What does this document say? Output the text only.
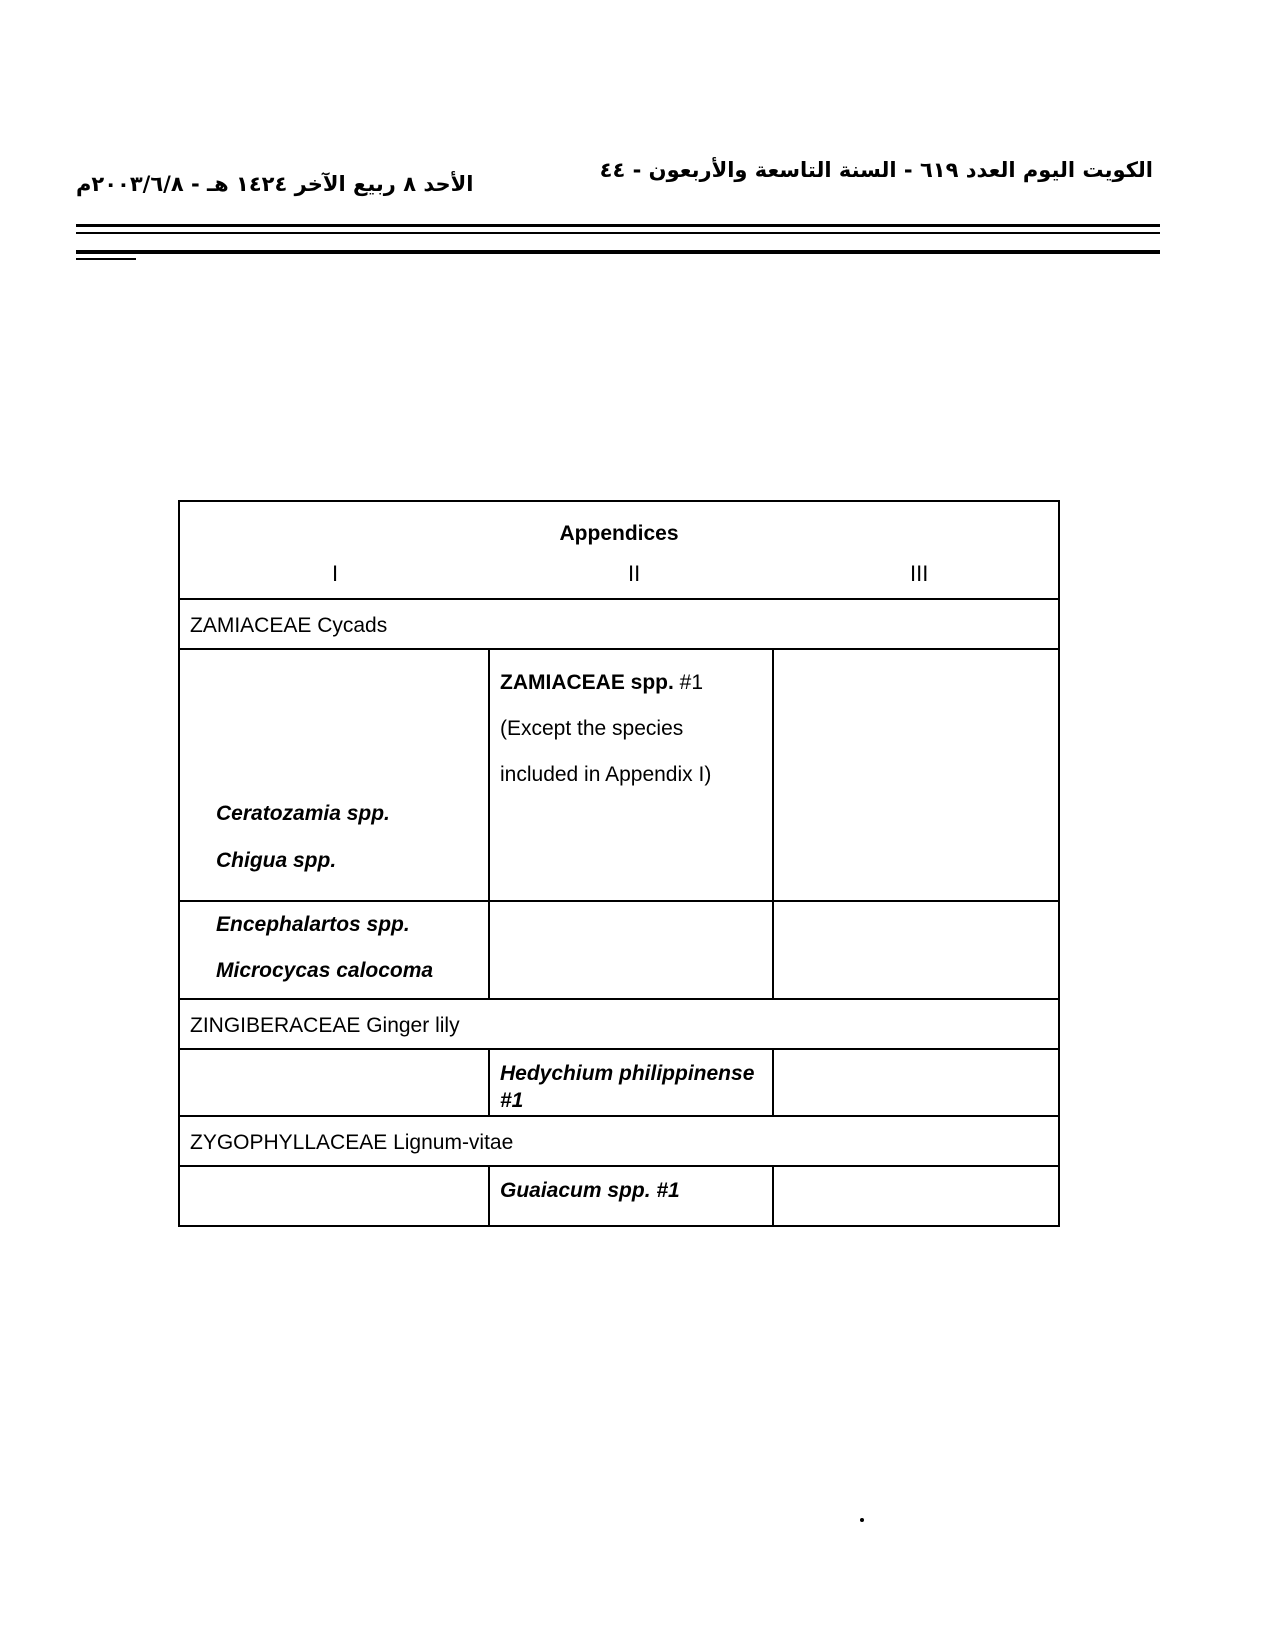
الكويت اليوم العدد ٦١٩ - السنة التاسعة والأربعون - ٤٤
الأحد ٨ ربيع الآخر ١٤٢٤ هـ - ٢٠٠٣/٦/٨م
Appendices
I II III		

ZAMIACEAE Cycads		

Ceratozamia spp.
Chigua spp.	ZAMIACEAE spp. #1 (Except the species included in Appendix I)	

Encephalartos spp.
Microcycas calocoma		

ZINGIBERACEAE Ginger lily		
	Hedychium philippinense #1	
ZYGOPHYLLACEAE Lignum-vitae		
	Guaiacum spp. #1	
